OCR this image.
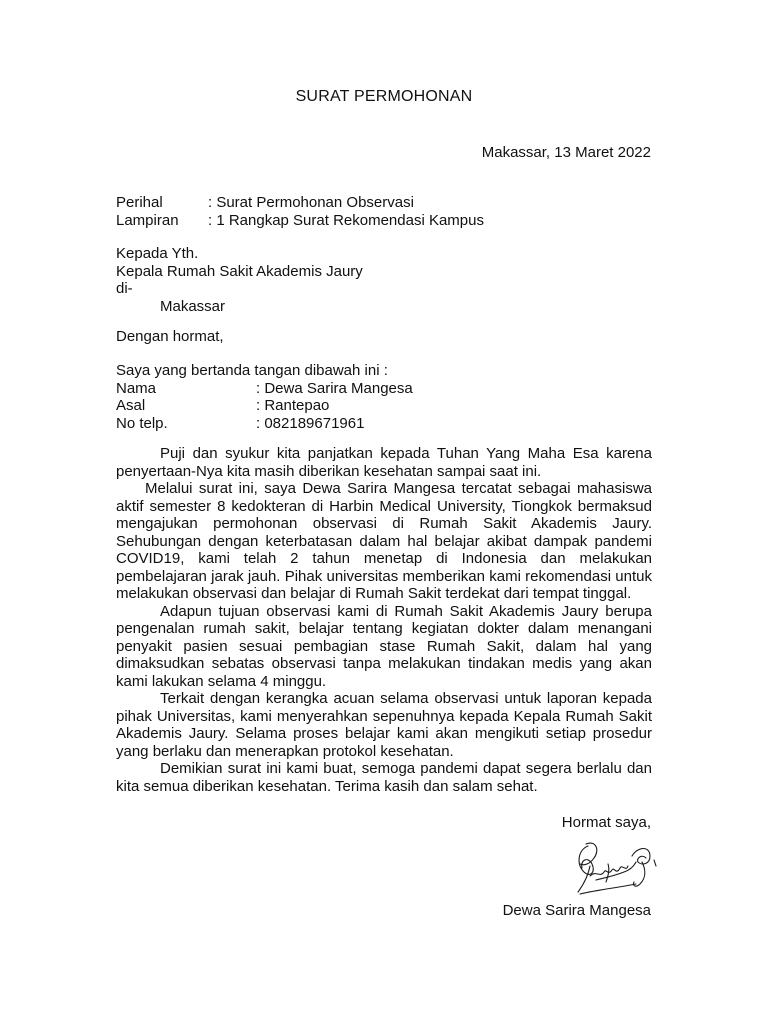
SURAT PERMOHONAN
Makassar, 13 Maret 2022
Perihal	: Surat Permohonan Observasi
Lampiran	: 1 Rangkap Surat Rekomendasi Kampus
Kepada Yth.
Kepala Rumah Sakit Akademis Jaury
di-
Makassar
Dengan hormat,
Saya yang bertanda tangan dibawah ini :
Nama	: Dewa Sarira Mangesa
Asal	: Rantepao
No telp.	: 082189671961

Puji dan syukur kita panjatkan kepada Tuhan Yang Maha Esa karena penyertaan-Nya kita masih diberikan kesehatan sampai saat ini.

Melalui surat ini, saya Dewa Sarira Mangesa tercatat sebagai mahasiswa aktif semester 8 kedokteran di Harbin Medical University, Tiongkok bermaksud mengajukan permohonan observasi di Rumah Sakit Akademis Jaury. Sehubungan dengan keterbatasan dalam hal belajar akibat dampak pandemi COVID19, kami telah 2 tahun menetap di Indonesia dan melakukan pembelajaran jarak jauh. Pihak universitas memberikan kami rekomendasi untuk melakukan observasi dan belajar di Rumah Sakit terdekat dari tempat tinggal.

Adapun tujuan observasi kami di Rumah Sakit Akademis Jaury berupa pengenalan rumah sakit, belajar tentang kegiatan dokter dalam menangani penyakit pasien sesuai pembagian stase Rumah Sakit, dalam hal yang dimaksudkan sebatas observasi tanpa melakukan tindakan medis yang akan kami lakukan selama 4 minggu.

Terkait dengan kerangka acuan selama observasi untuk laporan kepada pihak Universitas, kami menyerahkan sepenuhnya kepada Kepala Rumah Sakit Akademis Jaury. Selama proses belajar kami akan mengikuti setiap prosedur yang berlaku dan menerapkan protokol kesehatan.

Demikian surat ini kami buat, semoga pandemi dapat segera berlalu dan kita semua diberikan kesehatan. Terima kasih dan salam sehat.

Hormat saya,
Dewa Sarira Mangesa
